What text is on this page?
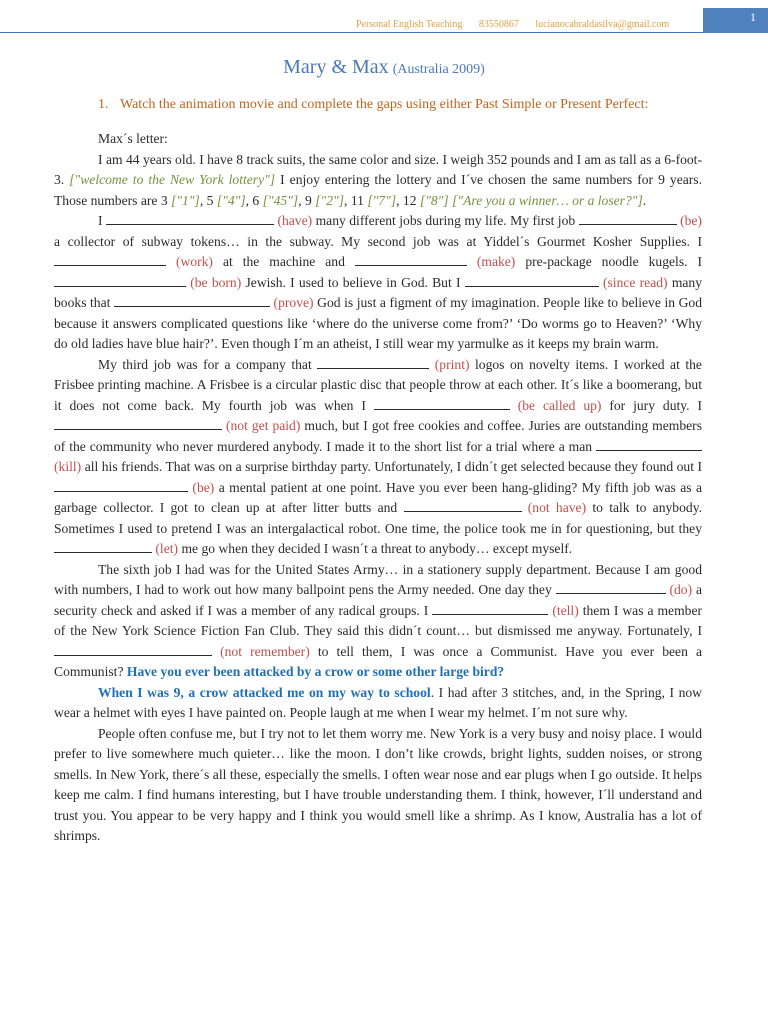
Personal English Teaching 83550867 lucianocabraldasilva@gmail.com
1
Mary & Max (Australia 2009)
1. Watch the animation movie and complete the gaps using either Past Simple or Present Perfect:

Max´s letter:

I am 44 years old. I have 8 track suits, the same color and size. I weigh 352 pounds and I am as tall as a 6-foot-3. ["welcome to the New York lottery"] I enjoy entering the lottery and I´ve chosen the same numbers for 9 years. Those numbers are 3 ["1"], 5 ["4"], 6 ["45"], 9 ["2"], 11 ["7"], 12 ["8"] ["Are you a winner… or a loser?"].

I	(have) many different jobs during my life. My first job	(be) a collector of subway tokens… in the subway. My second job was at Yiddel´s Gourmet Kosher Supplies. I  (work) at the machine and	(make) pre-package noodle kugels. I  (be born) Jewish. I used to believe in God. But I	(since read) many books that	(prove) God is just a figment of my imagination. People like to believe in God because it answers complicated questions like ‘where do the universe come from?’ ‘Do worms go to Heaven?’ ‘Why do old ladies have blue hair?’. Even though I´m an atheist, I still wear my yarmulke as it keeps my brain warm.

My third job was for a company that	(print) logos on novelty items. I worked at the Frisbee printing machine. A Frisbee is a circular plastic disc that people throw at each other. It´s like a boomerang, but it does not come back. My fourth job was when I	(be called up) for jury duty. I  (not get paid) much, but I got free cookies and coffee. Juries are outstanding members of the community who never murdered anybody. I made it to the short list for a trial where a man  (kill) all his friends. That was on a surprise birthday party. Unfortunately, I didn´t get selected because they found out I  (be) a mental patient at one point. Have you ever been hang-gliding? My fifth job was as a garbage collector. I got to clean up at after litter butts and	(not have) to talk to anybody. Sometimes I used to pretend I was an intergalactical robot. One time, the police took me in for questioning, but they  (let) me go when they decided I wasn´t a threat to anybody… except myself.

The sixth job I had was for the United States Army… in a stationery supply department. Because I am good with numbers, I had to work out how many ballpoint pens the Army needed. One day they	(do) a security check and asked if I was a member of any radical groups. I	(tell) them I was a member of the New York Science Fiction Fan Club. They said this didn´t count… but dismissed me anyway. Fortunately, I  (not remember) to tell them, I was once a Communist. Have you ever been a Communist? Have you ever been attacked by a crow or some other large bird?

When I was 9, a crow attacked me on my way to school. I had after 3 stitches, and, in the Spring, I now wear a helmet with eyes I have painted on. People laugh at me when I wear my helmet. I´m not sure why.

People often confuse me, but I try not to let them worry me. New York is a very busy and noisy place. I would prefer to live somewhere much quieter… like the moon. I don’t like crowds, bright lights, sudden noises, or strong smells. In New York, there´s all these, especially the smells. I often wear nose and ear plugs when I go outside. It helps keep me calm. I find humans interesting, but I have trouble understanding them. I think, however, I´ll understand and trust you. You appear to be very happy and I think you would smell like a shrimp. As I know, Australia has a lot of shrimps.
